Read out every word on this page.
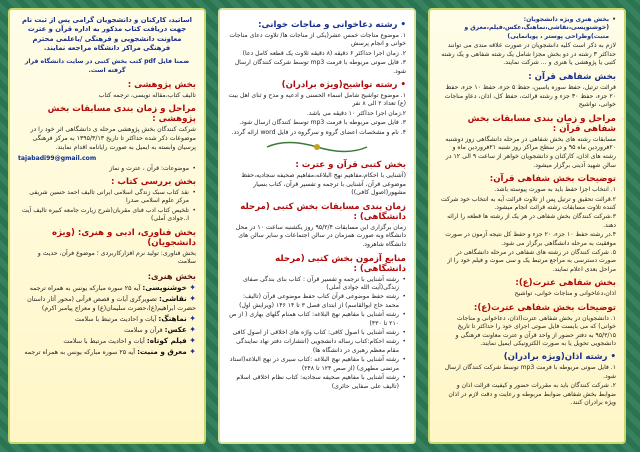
اساتید، کارکنان و دانشجویان گرامی پس از ثبت نام جهت دریافت کتاب مذکور به اداره قرآن و عترت معاونت دانشجویی و فرهنگی /یاعلمی محترم فرهنگی مراکز دانشگاه مراجعه نمایند.
ضمنا فایل pdf کتب بخش کتبی در سایت دانشگاه قرار گرفته است.
بخش پژوهشی :
تالیف کتاب،مقاله نویسی، ترجمه کتاب
مراحل و زمان بندی مسابقات بخش پژوهشی :
شرکت کنندگان بخش پژوهشی مرحله ی دانشگاهی اثر خود را در موضوعات ذکر شده حداکثر تا تاریخ ۱۳۹۵/۳/۱۳ به مرکز فرهنگی پرسیان وابسته به ایمیل به صورت رایانامه اقدام نمایند.
tajabadi99@gmail.com
• موضوعات: قرآن ، عترت و نماز
بخش بررسی کتاب :
• نقد کتاب سبک زندگی اسلامی ایرانی تالیف احمد حسین شریفی مرکز علوم اسلامی صدرا
• تلخیص کتاب ادب فنای مقربان(شرح زیارت جامعه کبیره تالیف آیت ا..جوادی آملی)
بخش فناوری، ادبی و هنری: (ویژه دانشجویان)
بخش فناوری: تولید نرم افزارکاربردی ؛ موضوع فرآن، حدیث و سلامت
بخش هنری:
✦ خوشنویسی: آیه ۲۵ سوره مبارکه یونس به همراه ترجمه
✦ نقاشی: تصویرگری آیات و قصص قرآنی (محور آثار داستان حضرت ابراهیم(ع)،حضرت سلیمان(ع) و معراج پیامبر اکرم)
✦ نماهنگ: آیات و احادیث مرتبط با سلامت
✦ عکس: قرآن و سلامت
✦ فیلم کوتاه: آیات و احادیث مرتبط با سلامت
✦ معرق و منبت: آیه ۲۵ سوره مبارکه یونس به همراه ترجمه
• رشته دعاخوانی و مناجات خوانی:
۱. موضوع مناجات خمس عشر(یکی از مناجات ها/ تلاوت دعای مناجات خوانی و انجام پرسش
۲. زمان اجرا حداکثر ۶ دقیقه (۸ دقیقه ثلاوت یک قطعه کامل دعا)
۳. فایل صوتی مربوطه با فرمت mp3 توسط شرکت کنندگان ارسال شود.
• رشته تواشیح(ویژه برادران)
۱. موضوع تواشیح شامل اسماء الحسنی و ادعیه و مدح و ثنای اهل بیت (ع) تعداد ۲ الی ۸ نفر
۲.زمان اجرا حداکثر ۱۰ دقیقه می باشد.
۳. فایل صوتی مربوطه با فرمت mp3 توسط کنندگان ارسال شود.
۴. نام و مشخصات اعضای گروه و سرگروه در فایل word ارائه گردد.
بخش کتبی قرآن و عترت :
(آشنایی با احکام،مفاهیم نهج البلاغه،مفاهیم صحیفه سجادیه،حفظ موضوعی قرآن، آشنایی با ترجمه و تفسیر قرآن، کتاب بسیار مشهور(اصول کافی))
زمان بندی مسابقات بخش کتبی (مرحله دانشگاهی) :
زمان برگزاری این مسابقات ۹۵/۲/۴ روز یکشنبه ساعت ۱۰ در محل دانشگاه وبه صورت همزمان در سالن اجتماعات و سایر سالن های دانشگاه شاهرود.
منابع آزمون بخش کتبی (مرحله دانشگاهی) :
• رشته آشنایی با ترجمه و تفسیر قرآن : کتاب بنای بندگی صفای زندگی(آیت الله جوادی آملی)
• رشته حفظ موضوعی قرآن کتاب حفظ موضوعی قرآن (تالیف: محمد حاج ابوالقاسم) از ابتدای فصل ۳ تا ۱۴ ۱۴۶ (ویرایش اول)
• رشته آشنایی با مفاهیم نهج البلاغه: کتاب همنام گلهای بهاری ( از ص ۲۱۰ تا ۴۳۰)
• رشته آشنایی با اصول کافی: کتاب واژه های اخلاقی از اصول کافی
• رشته احکام:کتاب رساله دانشجویی (انتشارات دفتر نهاد نمایندگی مقام معظم رهبری در دانشگاه ها)
• رشته آشنایی با مفاهیم نهج البلاغه :کتاب سیری در نهج البلاغه(استاد مرتضی مطهری) (از صص ۱۲۴ تا ۲۴۸)
• رشته آشنایی با مفاهیم صحیفه سجادیه: کتاب نظام اخلاقی اسلام (تالیف علی صفایی حائری)
• بخش هنری ویژه دانشجویان: (خوشنویسی،نقاشی،نماهنگ،عکس،فیلم،معرق و منبت)وطراحی پوستر ، پویانمایی)
لازم به ذکر است کلیه دانشجویان در صورت علاقه مندی می توانند حداکثر ۳ رشته در دو بخش مجزا شامل یک رشته شفاهی و یک رشته کتبی یا پژوهشی یا هنری و ... شرکت نمایند.
بخش شفاهی قرآن :
قرائت ترتیل، حفظ سوره یاسین، حفظ ۵ جزء، حفظ ۱۰ جزء، حفظ ۲۰ جزء، حفظ ۳۰ جزء و رشته قرائت، حفظ کل، اذان، دعاو مناجات خوانی، تواشیح
مراحل و زمان بندی مسابقات بخش شفاهی قرآن :
مسابقات رشته های بخش شفاهی در مرحله دانشگاهی روز دوشنبه ۲۰فروردین ماه ۹۵ و در سطح مراکز روز شنبه ۲۱فروردین ماه و رشته های اذان، کارکنان و دانشجویان خواهر از ساعت ۹ الی ۱۲ در سالن شهید آذینی برگزار میشود.
توضیحات بخش شفاهی قرآن:
۱. انتخاب اجزا حفظ باید به صورت پیوسته باشد.
۲.قرائت تحقیق و ترتیل پس از تلاوت قرائت آیه به انتخاب خود شرکت کننده تلاوت مسابقات رشته قرائت انجام میشود.
۳.شرکت کنندگان بخش شفاهی در هر یک از رشته ها قطعه را ارائه دهند.
۴.در رشته حفظ ۱۰ جزء، ۲۰ جزء و حفظ کل نتیجه آزمون در صورت موفقیت به مرحله دانشگاهی برگزار می شود.
۵. شرکت کنندگان در رشته های شفاهی در مرحله دانشگاهی در صورت دسترسی به مراجع مرتبط یک و سی صوت و فیلم خود را از مراحل بعدی اعلام نمایند.
بخش شفاهی عترت(ع):
اذان،دعاخوانی و مناجات خوانی، تواشیح
توضیحات بخش شفاهی عترت(ع):
۱. دانشجویان در بخش شفاهی عترت(اذان، دعاخوانی و مناجات خوانی) که می بایست فایل صوتی اجرای خود را حداکثر تا تاریخ ۹۵/۳/۱۵ به دفتر حضور از واحد قرآن و عترت معاونت فرهنگی و دانشجویی تحویل یا به صورت الکترونیکی ایمیل نمایند.
• رشته اذان(ویژه برادران)
۱. فایل صوتی مربوطه با فرمت mp3 توسط شرکت کنندگان ارسال شود.
۲. شرکت کنندگان باید به مقررات حضور و کیفیت قرائت اذان و ضوابط بخش شفاهی ضوابط مربوطه و رعایت و دقت لازم در اذان ویژه برادران کنند.
